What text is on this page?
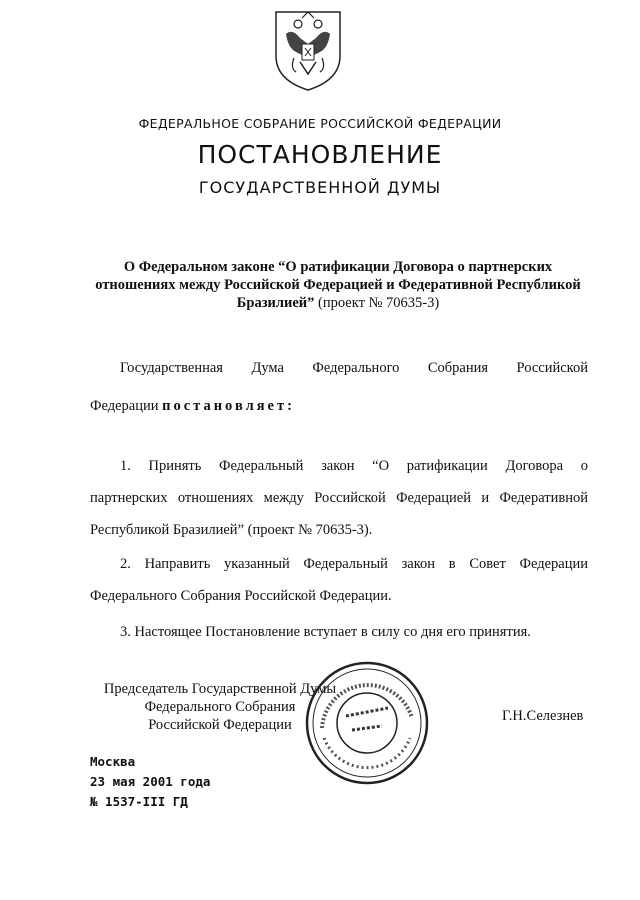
ФЕДЕРАЛЬНОЕ СОБРАНИЕ РОССИЙСКОЙ ФЕДЕРАЦИИ
ПОСТАНОВЛЕНИЕ
ГОСУДАРСТВЕННОЙ ДУМЫ
О Федеральном законе “О ратификации Договора о партнерских отношениях между Российской Федерацией и Федеративной Республикой Бразилией” (проект № 70635-3)
Государственная Дума Федерального Собрания Российской
Федерации постановляет:
1. Принять Федеральный закон “О ратификации Договора о
партнерских отношениях между Российской Федерацией и Федеративной
Республикой Бразилией” (проект № 70635-3).
2. Направить указанный Федеральный закон в Совет Федерации
Федерального Собрания Российской Федерации.
3. Настоящее Постановление вступает в силу со дня его принятия.
Председатель Государственной Думы
Федерального Собрания
Российской Федерации
Г.Н.Селезнев
Москва
23 мая 2001 года
№ 1537-III ГД
